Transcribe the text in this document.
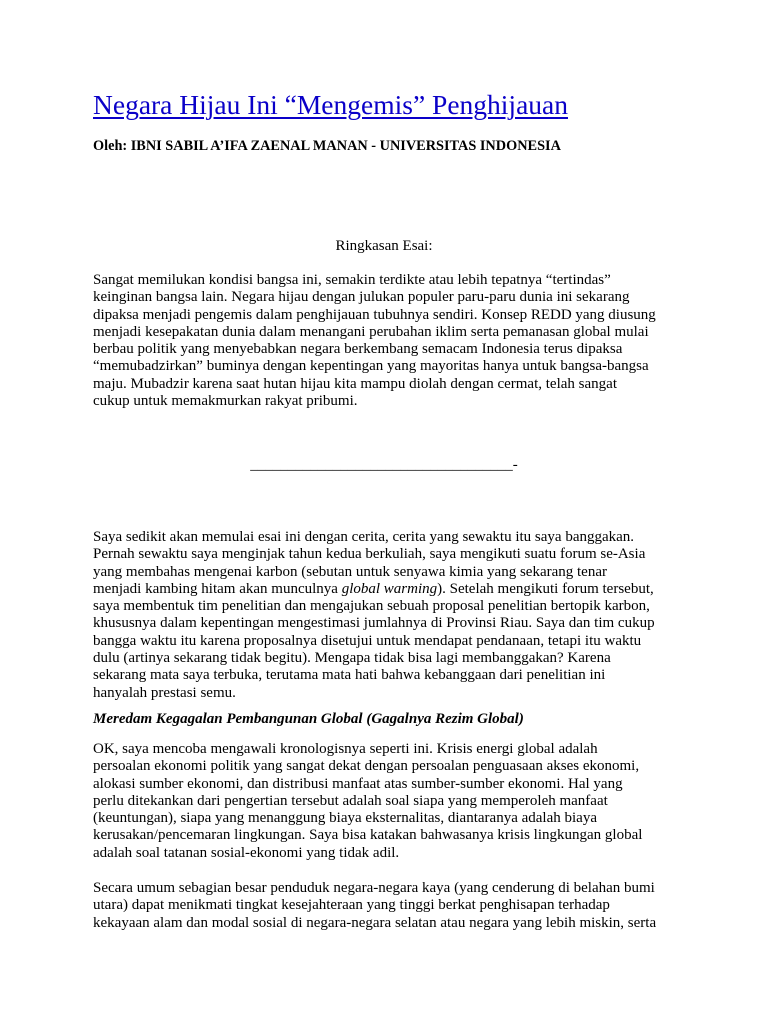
Negara Hijau Ini “Mengemis” Penghijauan
Oleh: IBNI SABIL A’IFA ZAENAL MANAN - UNIVERSITAS INDONESIA
Ringkasan Esai:
Sangat memilukan kondisi bangsa ini, semakin terdikte atau lebih tepatnya “tertindas”
keinginan bangsa lain. Negara hijau dengan julukan populer paru-paru dunia ini sekarang
dipaksa menjadi pengemis dalam penghijauan tubuhnya sendiri. Konsep REDD yang diusung
menjadi kesepakatan dunia dalam menangani perubahan iklim serta pemanasan global mulai
berbau politik yang menyebabkan negara berkembang semacam Indonesia terus dipaksa
“memubadzirkan” buminya dengan kepentingan yang mayoritas hanya untuk bangsa-bangsa
maju. Mubadzir karena saat hutan hijau kita mampu diolah dengan cermat, telah sangat
cukup untuk memakmurkan rakyat pribumi.
___________________________________-
Saya sedikit akan memulai esai ini dengan cerita, cerita yang sewaktu itu saya banggakan.
Pernah sewaktu saya menginjak tahun kedua berkuliah, saya mengikuti suatu forum se-Asia
yang membahas mengenai karbon (sebutan untuk senyawa kimia yang sekarang tenar
menjadi kambing hitam akan munculnya global warming). Setelah mengikuti forum tersebut,
saya membentuk tim penelitian dan mengajukan sebuah proposal penelitian bertopik karbon,
khususnya dalam kepentingan mengestimasi jumlahnya di Provinsi Riau. Saya dan tim cukup
bangga waktu itu karena proposalnya disetujui untuk mendapat pendanaan, tetapi itu waktu
dulu (artinya sekarang tidak begitu). Mengapa tidak bisa lagi membanggakan? Karena
sekarang mata saya terbuka, terutama mata hati bahwa kebanggaan dari penelitian ini
hanyalah prestasi semu.
Meredam Kegagalan Pembangunan Global (Gagalnya Rezim Global)
OK, saya mencoba mengawali kronologisnya seperti ini. Krisis energi global adalah
persoalan ekonomi politik yang sangat dekat dengan persoalan penguasaan akses ekonomi,
alokasi sumber ekonomi, dan distribusi manfaat atas sumber-sumber ekonomi. Hal yang
perlu ditekankan dari pengertian tersebut adalah soal siapa yang memperoleh manfaat
(keuntungan), siapa yang menanggung biaya eksternalitas, diantaranya adalah biaya
kerusakan/pencemaran lingkungan. Saya bisa katakan bahwasanya krisis lingkungan global
adalah soal tatanan sosial-ekonomi yang tidak adil.
Secara umum sebagian besar penduduk negara-negara kaya (yang cenderung di belahan bumi
utara) dapat menikmati tingkat kesejahteraan yang tinggi berkat penghisapan terhadap
kekayaan alam dan modal sosial di negara-negara selatan atau negara yang lebih miskin, serta
